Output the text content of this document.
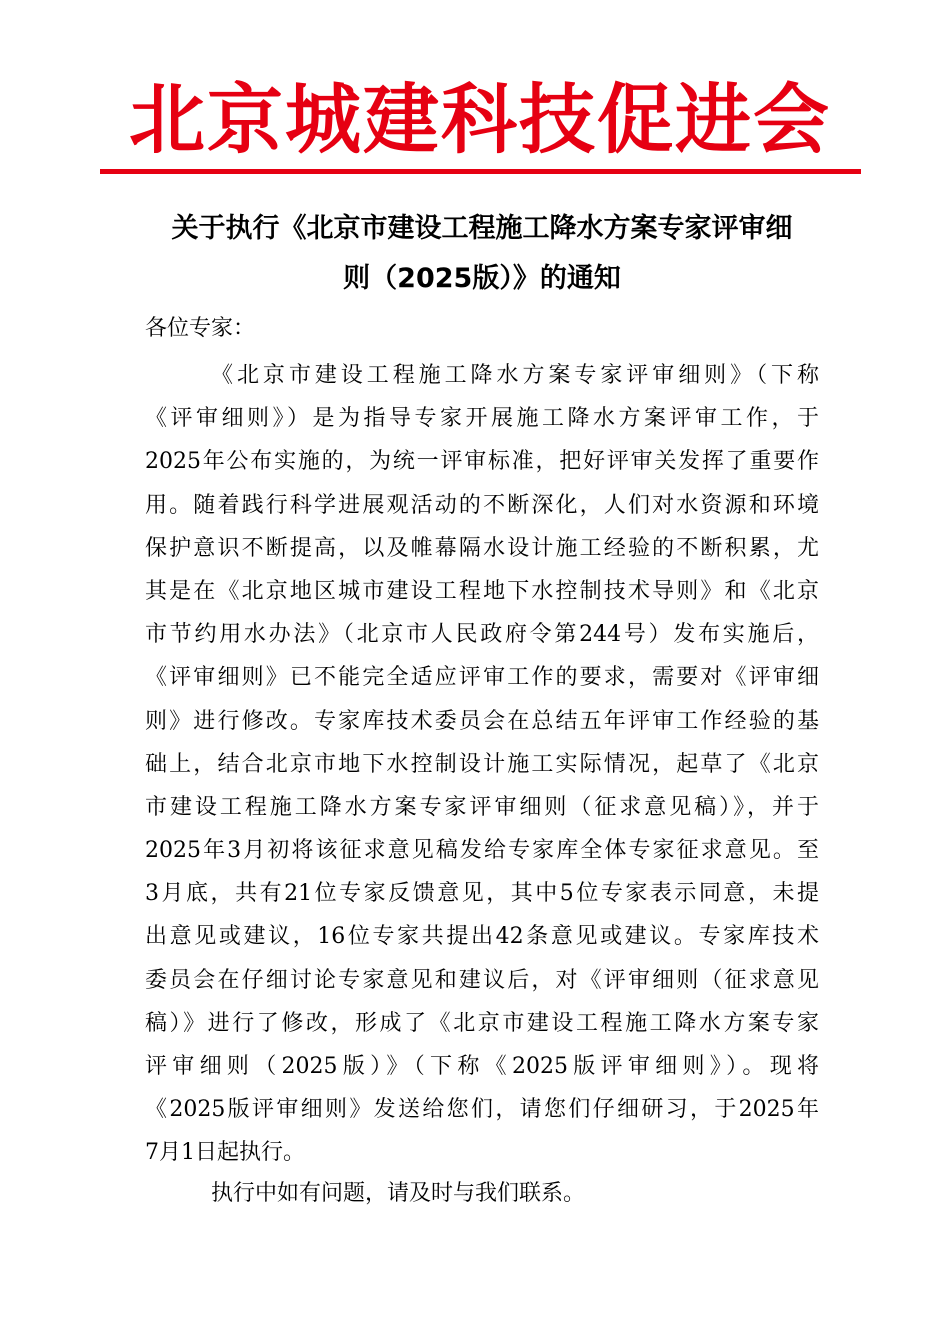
北京城建科技促进会
关于执行《北京市建设工程施工降水方案专家评审细
则（2025版）》的通知
各位专家：
《北京市建设工程施工降水方案专家评审细则》（下称
《评审细则》）是为指导专家开展施工降水方案评审工作，于
2025年公布实施的，为统一评审标准，把好评审关发挥了重要作
用。随着践行科学进展观活动的不断深化，人们对水资源和环境
保护意识不断提高，以及帷幕隔水设计施工经验的不断积累，尤
其是在《北京地区城市建设工程地下水控制技术导则》和《北京
市节约用水办法》（北京市人民政府令第244号）发布实施后，
《评审细则》已不能完全适应评审工作的要求，需要对《评审细
则》进行修改。专家库技术委员会在总结五年评审工作经验的基
础上，结合北京市地下水控制设计施工实际情况，起草了《北京
市建设工程施工降水方案专家评审细则（征求意见稿）》，并于
2025年3月初将该征求意见稿发给专家库全体专家征求意见。至
3月底，共有21位专家反馈意见，其中5位专家表示同意，未提
出意见或建议，16位专家共提出42条意见或建议。专家库技术
委员会在仔细讨论专家意见和建议后，对《评审细则（征求意见
稿）》进行了修改，形成了《北京市建设工程施工降水方案专家
评审细则（2025版）》（下称《2025版评审细则》）。现将
《2025版评审细则》发送给您们，请您们仔细研习，于2025年
7月1日起执行。
执行中如有问题，请及时与我们联系。
